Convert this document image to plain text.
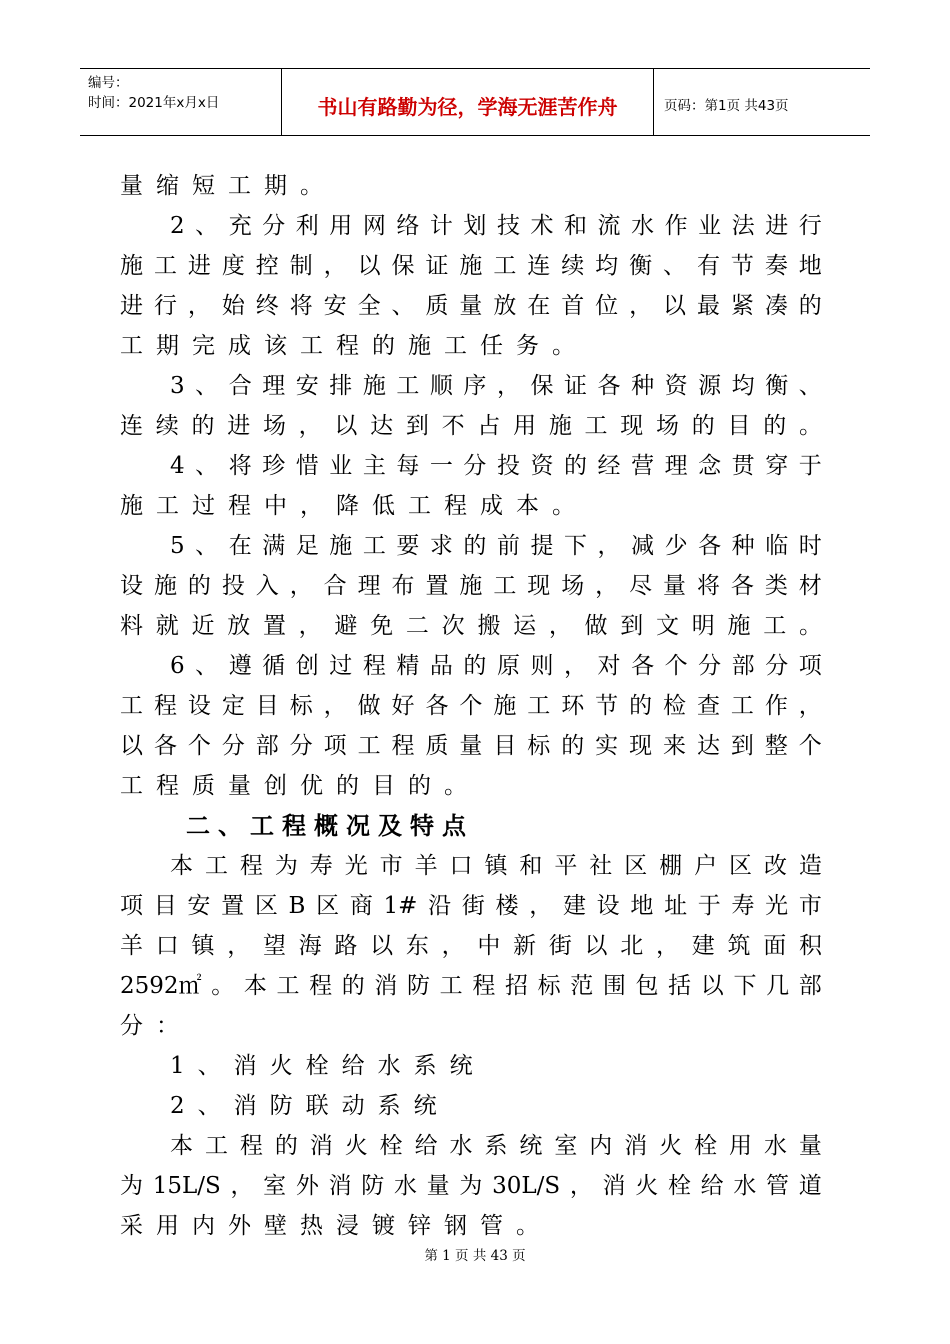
编号：
时间：2021年x月x日	书山有路勤为径，学海无涯苦作舟	页码：第1页 共43页
量 缩 短 工 期 。
2 、 充 分 利 用 网 络 计 划 技 术 和 流 水 作 业 法 进 行
施 工 进 度 控 制 ， 以 保 证 施 工 连 续 均 衡 、 有 节 奏 地
进 行 ， 始 终 将 安 全 、 质 量 放 在 首 位 ， 以 最 紧 凑 的
工 期 完 成 该 工 程 的 施 工 任 务 。
3 、 合 理 安 排 施 工 顺 序 ， 保 证 各 种 资 源 均 衡 、
连 续 的 进 场 ， 以 达 到 不 占 用 施 工 现 场 的 目 的 。
4 、 将 珍 惜 业 主 每 一 分 投 资 的 经 营 理 念 贯 穿 于
施 工 过 程 中 ， 降 低 工 程 成 本 。
5 、 在 满 足 施 工 要 求 的 前 提 下 ， 减 少 各 种 临 时
设 施 的 投 入 ， 合 理 布 置 施 工 现 场 ， 尽 量 将 各 类 材
料 就 近 放 置 ， 避 免 二 次 搬 运 ， 做 到 文 明 施 工 。
6 、 遵 循 创 过 程 精 品 的 原 则 ， 对 各 个 分 部 分 项
工 程 设 定 目 标 ， 做 好 各 个 施 工 环 节 的 检 查 工 作 ，
以 各 个 分 部 分 项 工 程 质 量 目 标 的 实 现 来 达 到 整 个
工 程 质 量 创 优 的 目 的 。
二 、 工 程 概 况 及 特 点
本 工 程 为 寿 光 市 羊 口 镇 和 平 社 区 棚 户 区 改 造
项 目 安 置 区 B 区 商 1# 沿 街 楼 ， 建 设 地 址 于 寿 光 市
羊 口 镇 ， 望 海 路 以 东 ， 中 新 街 以 北 ， 建 筑 面 积
2592㎡ 。 本 工 程 的 消 防 工 程 招 标 范 围 包 括 以 下 几 部
分 ：
1 、 消 火 栓 给 水 系 统
2 、 消 防 联 动 系 统
本 工 程 的 消 火 栓 给 水 系 统 室 内 消 火 栓 用 水 量
为 15L/S ， 室 外 消 防 水 量 为 30L/S ， 消 火 栓 给 水 管 道
采 用 内 外 壁 热 浸 镀 锌 钢 管 。
第 1 页 共 43 页
